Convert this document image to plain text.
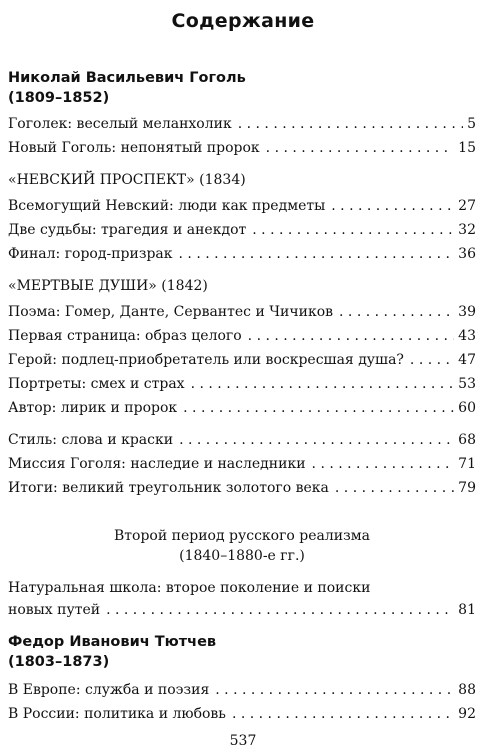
Содержание
Николай Васильевич Гоголь
(1809–1852)
Гоголек: веселый меланхолик . . .	5
Новый Гоголь: непонятый пророк . . .	15
«НЕВСКИЙ ПРОСПЕКТ» (1834)
Всемогущий Невский: люди как предметы . . .	27
Две судьбы: трагедия и анекдот . . .	32
Финал: город-призрак . . .	36
«МЕРТВЫЕ ДУШИ» (1842)
Поэма: Гомер, Данте, Сервантес и Чичиков . . .	39
Первая страница: образ целого . . .	43
Герой: подлец-приобретатель или воскресшая душа? . . .	47
Портреты: смех и страх . . .	53
Автор: лирик и пророк . . .	60
Стиль: слова и краски . . .	68
Миссия Гоголя: наследие и наследники . . .	71
Итоги: великий треугольник золотого века . . .	79
Второй период русского реализма
(1840–1880-е гг.)
Натуральная школа: второе поколение и поиски
новых путей . . .	81
Федор Иванович Тютчев
(1803–1873)
В Европе: служба и поэзия . . .	88
В России: политика и любовь . . .	92
537
